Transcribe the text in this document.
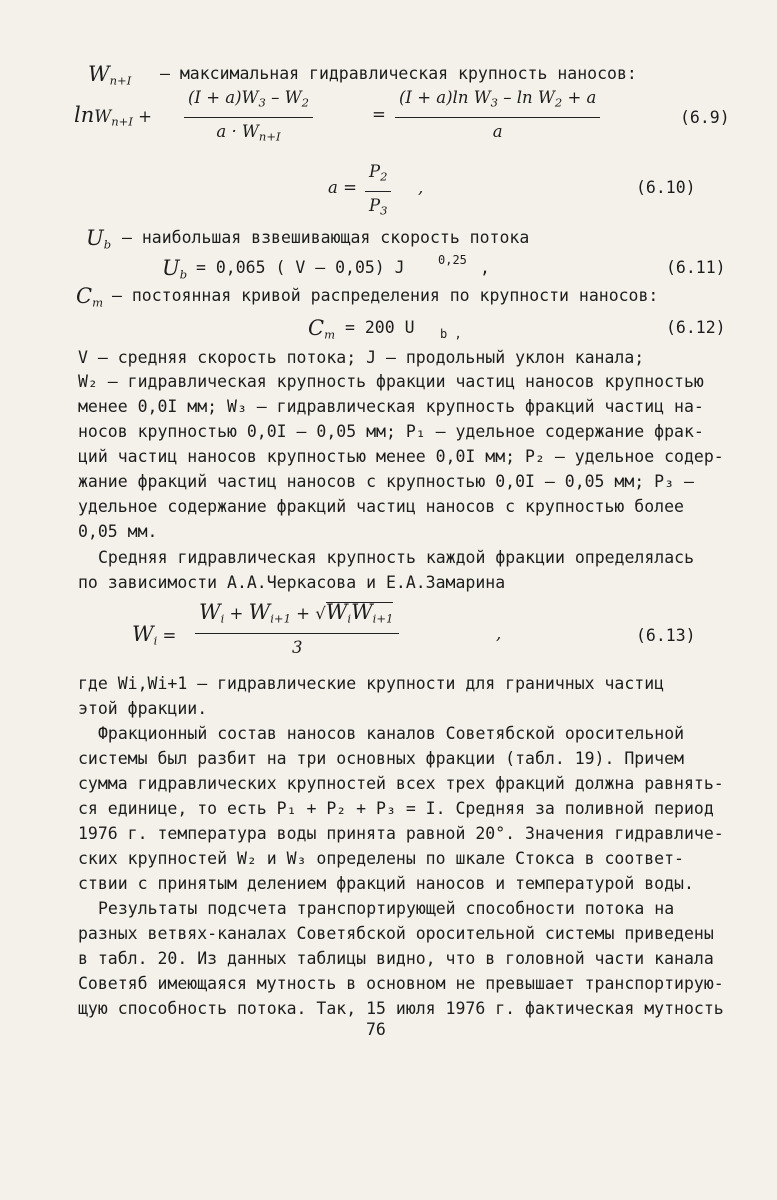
$W_{n+I}$ — максимальная гидравлическая крупность наносов:
$\ln W_{n+I} + \frac{(I + a)W_3 - W_2}{a \cdot W_{n+I}}$	= $\frac{(I + a)\ln W_3 - \ln W_2 + a}{a}$	(6.9)
$a = \frac{P_2}{P_3}$ ,	(6.10)
$U_b$ — наибольшая взвешивающая скорость потока
$U_b = 0,065$ ( V – 0,05) J	0,25 ,	(6.11)
$C_т$ — постоянная кривой распределения по крупности наносов:
$C_т = 200$ U	b ,	(6.12)
V – средняя скорость потока; J – продольный уклон канала;
W₂ – гидравлическая крупность фракции частиц наносов крупностью
менее 0,0I мм; W₃ – гидравлическая крупность фракций частиц на-
носов крупностью 0,0I – 0,05 мм; P₁ – удельное содержание фрак-
ций частиц наносов крупностью менее 0,0I мм; P₂ – удельное содер-
жание фракций частиц наносов с крупностью 0,0I – 0,05 мм; P₃ –
удельное содержание фракций частиц наносов с крупностью более
0,05 мм.
Средняя гидравлическая крупность каждой фракции определялась
по зависимости А.А.Черкасова и Е.А.Замарина
$W_i$ =
$W_i + W_{i+1} + √W_iW_{i+1}$
3
,	(6.13)
где Wi,Wi+1 – гидравлические крупности для граничных частиц
этой фракции.
Фракционный состав наносов каналов Советябской оросительной
системы был разбит на три основных фракции (табл. 19). Причем
сумма гидравлических крупностей всех трех фракций должна равнять-
ся единице, то есть P₁ + P₂ + P₃ = I. Средняя за поливной период
1976 г. температура воды принята равной 20°. Значения гидравличе-
ских крупностей W₂ и W₃ определены по шкале Стокса в соответ-
ствии с принятым делением фракций наносов и температурой воды.
Результаты подсчета транспортирующей способности потока на
разных ветвях-каналах Советябской оросительной системы приведены
в табл. 20. Из данных таблицы видно, что в головной части канала
Советяб имеющаяся мутность в основном не превышает транспортирую-
щую способность потока. Так, 15 июля 1976 г. фактическая мутность
76
